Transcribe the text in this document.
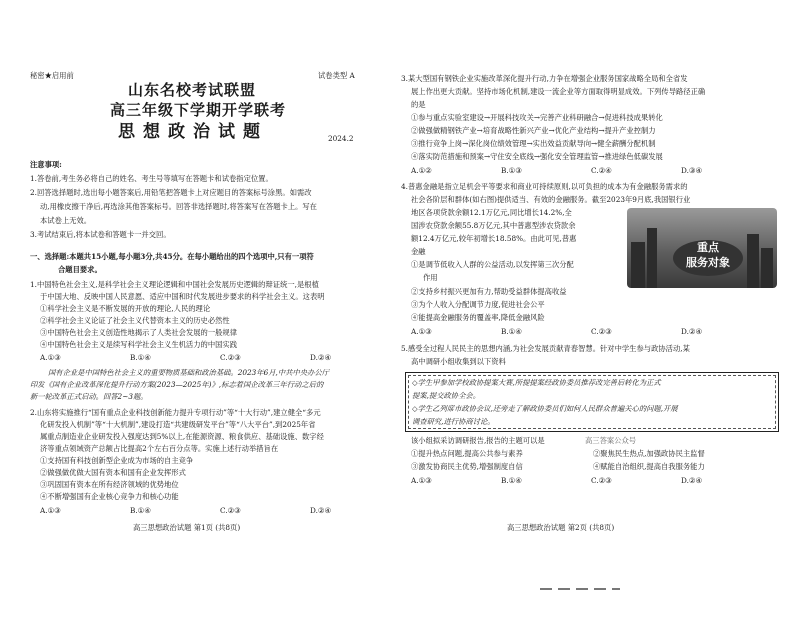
秘密★启用前	试卷类型 A
山东名校考试联盟
高三年级下学期开学联考
思想政治试题	2024.2
注意事项:
1.答卷前,考生务必将自己的姓名、考生号等填写在答题卡和试卷指定位置。
2.回答选择题时,选出每小题答案后,用铅笔把答题卡上对应题目的答案标号涂黑。如需改
动,用橡皮擦干净后,再选涂其他答案标号。回答非选择题时,将答案写在答题卡上。写在
本试卷上无效。
3.考试结束后,将本试卷和答题卡一并交回。
一、选择题:本题共15小题,每小题3分,共45分。在每小题给出的四个选项中,只有一项符
合题目要求。
1.中国特色社会主义,是科学社会主义理论逻辑和中国社会发展历史逻辑的辩证统一,是根植
于中国大地、反映中国人民意愿、适应中国和时代发展进步要求的科学社会主义。这表明
①科学社会主义是不断发展的开放的理论,人民的理论
②科学社会主义论证了社会主义代替资本主义的历史必然性
③中国特色社会主义创造性地揭示了人类社会发展的一般规律
④中国特色社会主义是续写科学社会主义生机活力的中国实践
A.①③	B.①④	C.②③	D.②④
国有企业是中国特色社会主义的重要物质基础和政治基础。2023年6月,中共中央办公厅
印发《国有企业改革深化提升行动方案(2023—2025年)》,标志着国企改革三年行动之后的
新一轮改革正式启动。回答2~3题。
2.山东将实施推行“国有重点企业科技创新能力提升专项行动”等“十大行动”,建立健全“多元
化研发投入机制”等“十大机制”,建设打造“共建级研发平台”等“八大平台”,到2025年省
属重点制造业企业研发投入强度达到5%以上,在能源资源、粮食供应、基础设施、数字经
济等重点领域资产总额占比提高2个左右百分点等。实施上述行动举措旨在
①支持国有科技创新型企业成为市场的自主竞争
②做强做优做大国有资本和国有企业发挥形式
③巩固国有资本在所有经济领域的优势地位
④不断增强国有企业核心竞争力和核心功能
A.①③	B.①④	C.②③	D.②④
高三思想政治试题 第1页 (共8页)
3.某大型国有钢铁企业实施改革深化提升行动,力争在增强企业服务国家战略全局和全省发
展上作出更大贡献。坚持市场化机制,建设一流企业等方面取得明显成效。下列传导路径正确
的是
①参与重点实验室建设→开展科技攻关→完善产业科研融合→促进科技成果转化
②做强做精钢铁产业→培育战略性新兴产业→优化产业结构→提升产业控制力
③推行竞争上岗→深化岗位绩效管理→实出效益贡献导向→健全薪酬分配机制
④落实防范措施和预案→守住安全底线→强化安全管理监管→推进绿色低碳发展
A.①②	B.①③	C.②④	D.③④
4.普惠金融是指立足机会平等要求和商业可持续原则,以可负担的成本为有金融服务需求的
社会各阶层和群体(如右图)提供适当、有效的金融服务。截至2023年9月底,我国银行业
地区各项贷款余额12.1万亿元,同比增长14.2%,全
国涉农贷款余额55.8万亿元,其中普惠型涉农贷款余
额12.4万亿元,较年初增长18.58%。由此可见,普惠
金融
①是调节低收入人群的公益活动,以发挥第三次分配
作用
②支持乡村振兴更加有力,帮助受益群体提高收益
③为个人收入分配调节力度,促进社会公平
④能提高金融服务的覆盖率,降低金融风险
A.①③	B.①④	C.②③	D.②④
重点
服务对象
5.感受全过程人民民主的思想内涵,为社会发展贡献青春智慧。针对中学生参与政协活动,某
高中调研小组收集到以下资料
◇学生甲参加学校政协提案大赛,所提提案经政协委员推荐改完善后转化为正式
提案,提交政协全会。
◇学生乙列席市政协会议,还旁走了解政协委员们如何人民群众普遍关心的问题,开展
调查研究,进行协商讨论。
该小组拟采访调研报告,报告的主题可以是	高三答案公众号
①提升热点问题,提高公共参与素养	②聚焦民生热点,加强政协民主监督
③激发协商民主优势,增强制度自信	④赋能自治组织,提高自我服务能力
A.①③	B.①④	C.②③	D.②④
高三思想政治试题 第2页 (共8页)
